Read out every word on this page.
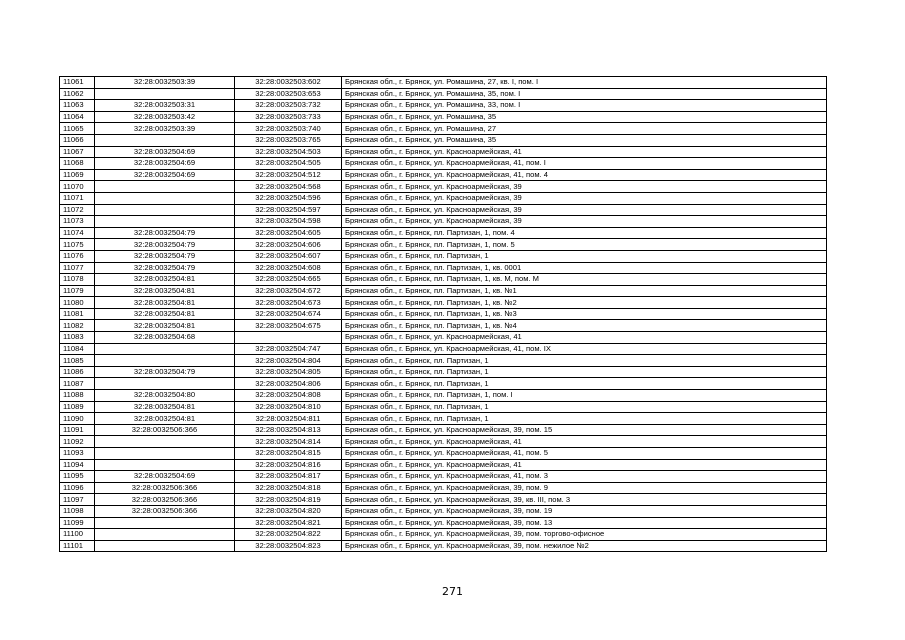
11061	32:28:0032503:39	32:28:0032503:602	Брянская обл., г. Брянск, ул. Ромашина, 27, кв. I, пом. I
11062		32:28:0032503:653	Брянская обл., г. Брянск, ул. Ромашина, 35, пом. I
11063	32:28:0032503:31	32:28:0032503:732	Брянская обл., г. Брянск, ул. Ромашина, 33, пом. I
11064	32:28:0032503:42	32:28:0032503:733	Брянская обл., г. Брянск, ул. Ромашина, 35
11065	32:28:0032503:39	32:28:0032503:740	Брянская обл., г. Брянск, ул. Ромашина, 27
11066		32:28:0032503:765	Брянская обл., г. Брянск, ул. Ромашина, 35
11067	32:28:0032504:69	32:28:0032504:503	Брянская обл., г. Брянск, ул. Красноармейская, 41
11068	32:28:0032504:69	32:28:0032504:505	Брянская обл., г. Брянск, ул. Красноармейская, 41, пом. I
11069	32:28:0032504:69	32:28:0032504:512	Брянская обл., г. Брянск, ул. Красноармейская, 41, пом. 4
11070		32:28:0032504:568	Брянская обл., г. Брянск, ул. Красноармейская, 39
11071		32:28:0032504:596	Брянская обл., г. Брянск, ул. Красноармейская, 39
11072		32:28:0032504:597	Брянская обл., г. Брянск, ул. Красноармейская, 39
11073		32:28:0032504:598	Брянская обл., г. Брянск, ул. Красноармейская, 39
11074	32:28:0032504:79	32:28:0032504:605	Брянская обл., г. Брянск, пл. Партизан, 1, пом. 4
11075	32:28:0032504:79	32:28:0032504:606	Брянская обл., г. Брянск, пл. Партизан, 1, пом. 5
11076	32:28:0032504:79	32:28:0032504:607	Брянская обл., г. Брянск, пл. Партизан, 1
11077	32:28:0032504:79	32:28:0032504:608	Брянская обл., г. Брянск, пл. Партизан, 1, кв. 0001
11078	32:28:0032504:81	32:28:0032504:665	Брянская обл., г. Брянск, пл. Партизан, 1, кв. М, пом. М
11079	32:28:0032504:81	32:28:0032504:672	Брянская обл., г. Брянск, пл. Партизан, 1, кв. №1
11080	32:28:0032504:81	32:28:0032504:673	Брянская обл., г. Брянск, пл. Партизан, 1, кв. №2
11081	32:28:0032504:81	32:28:0032504:674	Брянская обл., г. Брянск, пл. Партизан, 1, кв. №3
11082	32:28:0032504:81	32:28:0032504:675	Брянская обл., г. Брянск, пл. Партизан, 1, кв. №4
11083	32:28:0032504:68		Брянская обл., г. Брянск, ул. Красноармейская, 41
11084		32:28:0032504:747	Брянская обл., г. Брянск, ул. Красноармейская, 41, пом. IX
11085		32:28:0032504:804	Брянская обл., г. Брянск, пл. Партизан, 1
11086	32:28:0032504:79	32:28:0032504:805	Брянская обл., г. Брянск, пл. Партизан, 1
11087		32:28:0032504:806	Брянская обл., г. Брянск, пл. Партизан, 1
11088	32:28:0032504:80	32:28:0032504:808	Брянская обл., г. Брянск, пл. Партизан, 1, пом. I
11089	32:28:0032504:81	32:28:0032504:810	Брянская обл., г. Брянск, пл. Партизан, 1
11090	32:28:0032504:81	32:28:0032504:811	Брянская обл., г. Брянск, пл. Партизан, 1
11091	32:28:0032506:366	32:28:0032504:813	Брянская обл., г. Брянск, ул. Красноармейская, 39, пом. 15
11092		32:28:0032504:814	Брянская обл., г. Брянск, ул. Красноармейская, 41
11093		32:28:0032504:815	Брянская обл., г. Брянск, ул. Красноармейская, 41, пом. 5
11094		32:28:0032504:816	Брянская обл., г. Брянск, ул. Красноармейская, 41
11095	32:28:0032504:69	32:28:0032504:817	Брянская обл., г. Брянск, ул. Красноармейская, 41, пом. 3
11096	32:28:0032506:366	32:28:0032504:818	Брянская обл., г. Брянск, ул. Красноармейская, 39, пом. 9
11097	32:28:0032506:366	32:28:0032504:819	Брянская обл., г. Брянск, ул. Красноармейская, 39, кв. III, пом. 3
11098	32:28:0032506:366	32:28:0032504:820	Брянская обл., г. Брянск, ул. Красноармейская, 39, пом. 19
11099		32:28:0032504:821	Брянская обл., г. Брянск, ул. Красноармейская, 39, пом. 13
11100		32:28:0032504:822	Брянская обл., г. Брянск, ул. Красноармейская, 39, пом. торгово-офисное
11101		32:28:0032504:823	Брянская обл., г. Брянск, ул. Красноармейская, 39, пом. нежилое №2
271
